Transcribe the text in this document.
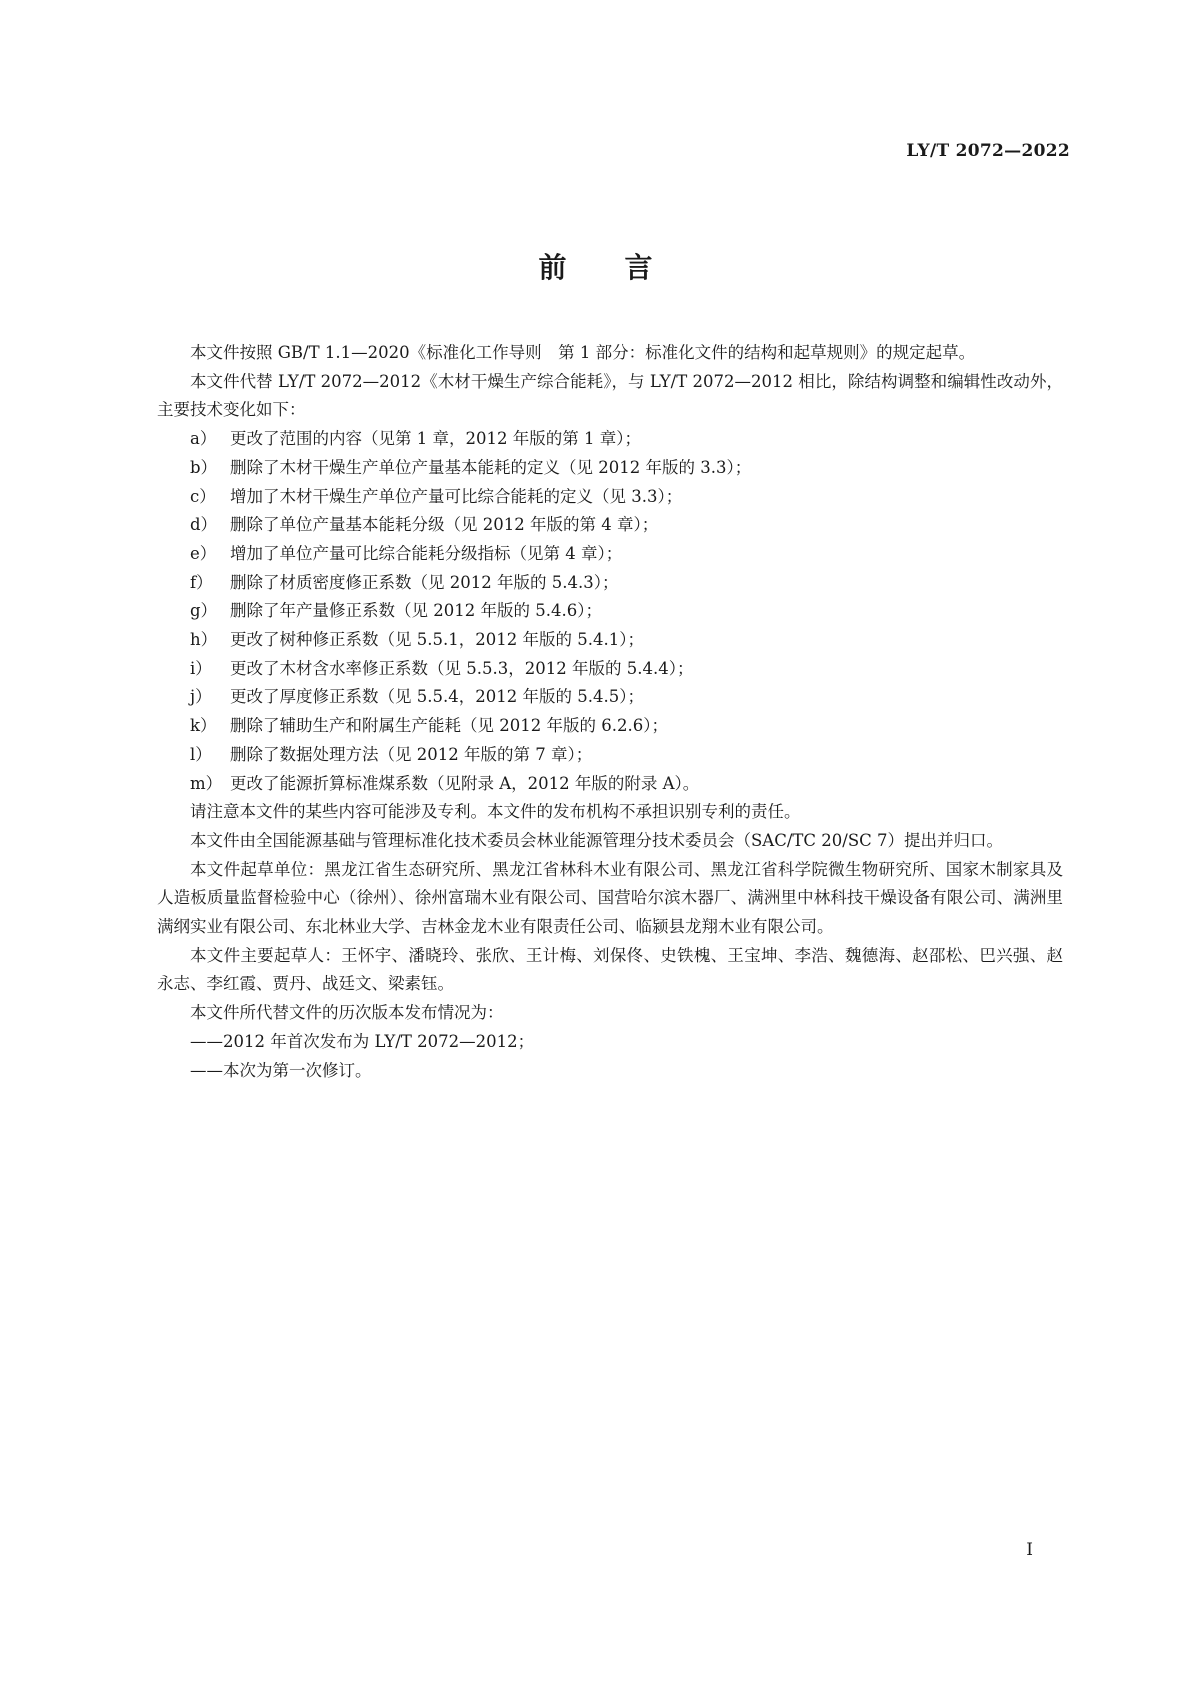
LY/T 2072—2022
前言

本文件按照 GB/T 1.1—2020《标准化工作导则　第 1 部分：标准化文件的结构和起草规则》的规定起草。

本文件代替 LY/T 2072—2012《木材干燥生产综合能耗》，与 LY/T 2072—2012 相比，除结构调整和编辑性改动外，主要技术变化如下：

a） 更改了范围的内容（见第 1 章，2012 年版的第 1 章）；
b） 删除了木材干燥生产单位产量基本能耗的定义（见 2012 年版的 3.3）；
c） 增加了木材干燥生产单位产量可比综合能耗的定义（见 3.3）；
d） 删除了单位产量基本能耗分级（见 2012 年版的第 4 章）；
e） 增加了单位产量可比综合能耗分级指标（见第 4 章）；
f）	删除了材质密度修正系数（见 2012 年版的 5.4.3）；
g） 删除了年产量修正系数（见 2012 年版的 5.4.6）；
h） 更改了树种修正系数（见 5.5.1，2012 年版的 5.4.1）；
i）	更改了木材含水率修正系数（见 5.5.3，2012 年版的 5.4.4）；
j）	更改了厚度修正系数（见 5.5.4，2012 年版的 5.4.5）；
k） 删除了辅助生产和附属生产能耗（见 2012 年版的 6.2.6）；
l）	删除了数据处理方法（见 2012 年版的第 7 章）；
m） 更改了能源折算标准煤系数（见附录 A，2012 年版的附录 A）。

请注意本文件的某些内容可能涉及专利。本文件的发布机构不承担识别专利的责任。

本文件由全国能源基础与管理标准化技术委员会林业能源管理分技术委员会（SAC/TC 20/SC 7）提出并归口。

本文件起草单位：黑龙江省生态研究所、黑龙江省林科木业有限公司、黑龙江省科学院微生物研究所、国家木制家具及人造板质量监督检验中心（徐州）、徐州富瑞木业有限公司、国营哈尔滨木器厂、满洲里中林科技干燥设备有限公司、满洲里满纲实业有限公司、东北林业大学、吉林金龙木业有限责任公司、临颍县龙翔木业有限公司。

本文件主要起草人：王怀宇、潘晓玲、张欣、王计梅、刘保佟、史铁槐、王宝坤、李浩、魏德海、赵邵松、巴兴强、赵永志、李红霞、贾丹、战廷文、梁素钰。

本文件所代替文件的历次版本发布情况为：

——2012 年首次发布为 LY/T 2072—2012；

——本次为第一次修订。

I
